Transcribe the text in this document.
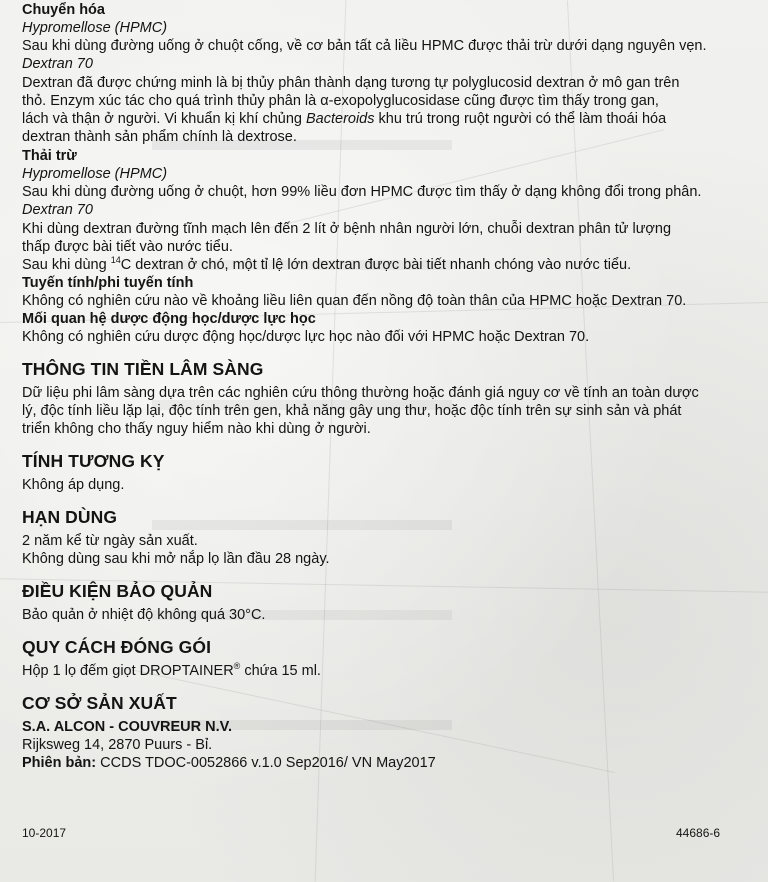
Chuyển hóa
Hypromellose (HPMC)
Sau khi dùng đường uống ở chuột cống, về cơ bản tất cả liều HPMC được thải trừ dưới dạng nguyên vẹn.
Dextran 70
Dextran đã được chứng minh là bị thủy phân thành dạng tương tự polyglucosid dextran ở mô gan trên
thỏ. Enzym xúc tác cho quá trình thủy phân là α-exopolyglucosidase cũng được tìm thấy trong gan,
lách và thận ở người. Vi khuẩn kị khí chủng Bacteroids khu trú trong ruột người có thể làm thoái hóa
dextran thành sản phẩm chính là dextrose.
Thải trừ
Hypromellose (HPMC)
Sau khi dùng đường uống ở chuột, hơn 99% liều đơn HPMC được tìm thấy ở dạng không đổi trong phân.
Dextran 70
Khi dùng dextran đường tĩnh mạch lên đến 2 lít ở bệnh nhân người lớn, chuỗi dextran phân tử lượng
thấp được bài tiết vào nước tiểu.
Sau khi dùng $^{14}$C dextran ở chó, một tỉ lệ lớn dextran được bài tiết nhanh chóng vào nước tiểu.
Tuyến tính/phi tuyến tính
Không có nghiên cứu nào về khoảng liều liên quan đến nồng độ toàn thân của HPMC hoặc Dextran 70.
Mối quan hệ dược động học/dược lực học
Không có nghiên cứu dược động học/dược lực học nào đối với HPMC hoặc Dextran 70.
THÔNG TIN TIỀN LÂM SÀNG
Dữ liệu phi lâm sàng dựa trên các nghiên cứu thông thường hoặc đánh giá nguy cơ về tính an toàn dược
lý, độc tính liều lặp lại, độc tính trên gen, khả năng gây ung thư, hoặc độc tính trên sự sinh sản và phát
triển không cho thấy nguy hiểm nào khi dùng ở người.
TÍNH TƯƠNG KỴ
Không áp dụng.
HẠN DÙNG
2 năm kể từ ngày sản xuất.
Không dùng sau khi mở nắp lọ lần đầu 28 ngày.
ĐIỀU KIỆN BẢO QUẢN
Bảo quản ở nhiệt độ không quá 30°C.
QUY CÁCH ĐÓNG GÓI
Hộp 1 lọ đếm giọt DROPTAINER® chứa 15 ml.
CƠ SỞ SẢN XUẤT
S.A. ALCON - COUVREUR N.V.
Rijksweg 14, 2870 Puurs - Bỉ.
Phiên bản: CCDS TDOC-0052866 v.1.0 Sep2016/ VN May2017
10-2017	44686-6
